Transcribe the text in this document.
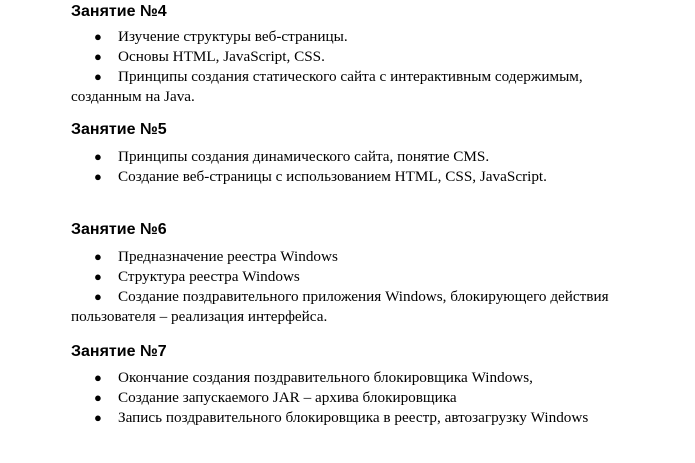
Занятие №4
● Изучение структуры веб-страницы.
● Основы HTML, JavaScript, CSS.
● Принципы создания статического сайта с интерактивным содержимым,
созданным на Java.
Занятие №5
● Принципы создания динамического сайта, понятие CMS.
● Создание веб-страницы с использованием HTML, CSS, JavaScript.
Занятие №6
● Предназначение реестра Windows
● Структура реестра Windows
● Создание поздравительного приложения Windows, блокирующего действия
пользователя – реализация интерфейса.
Занятие №7
● Окончание создания поздравительного блокировщика Windows,
● Создание запускаемого JAR – архива блокировщика
● Запись поздравительного блокировщика в реестр, автозагрузку Windows
